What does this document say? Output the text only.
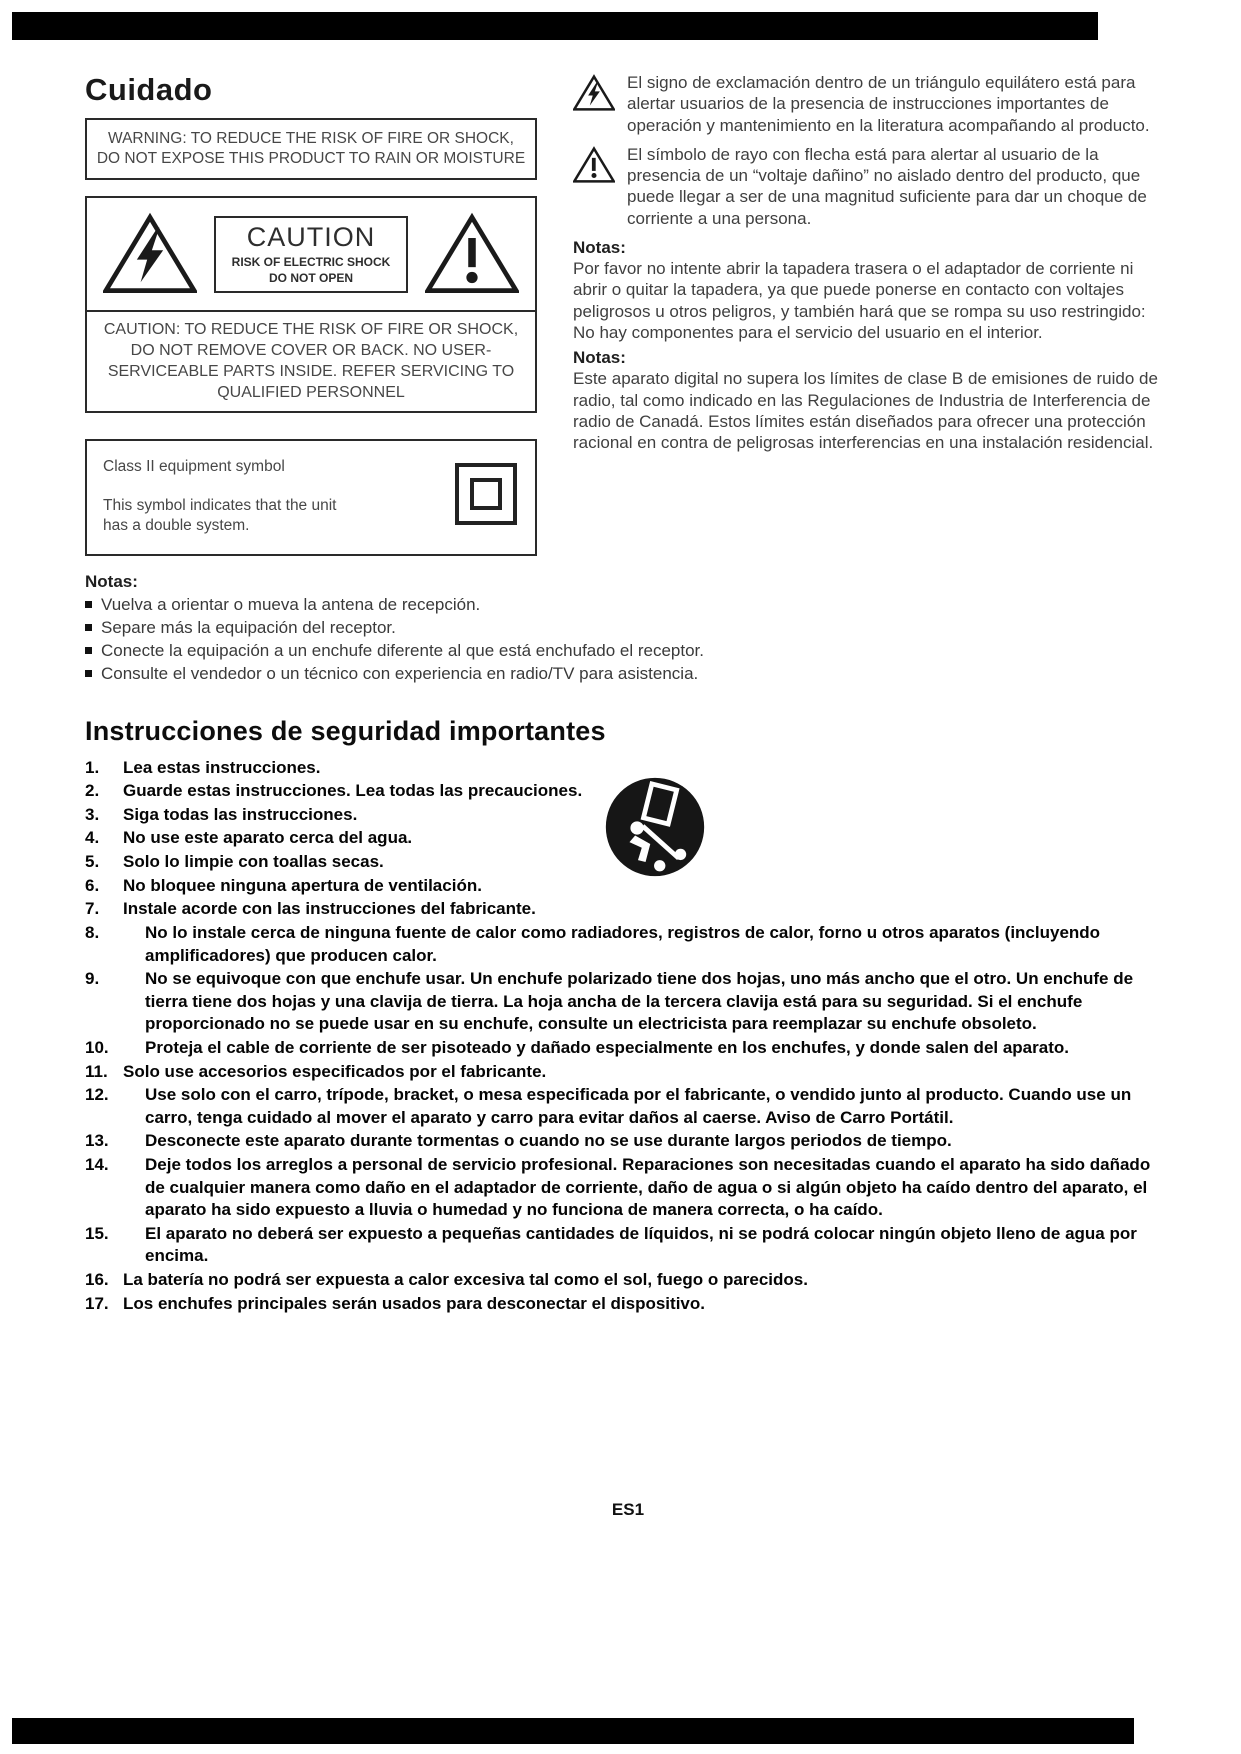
Cuidado

WARNING: TO REDUCE THE RISK OF FIRE OR SHOCK, DO NOT EXPOSE THIS PRODUCT TO RAIN OR MOISTURE

CAUTION
RISK OF ELECTRIC SHOCK
DO NOT OPEN

CAUTION: TO REDUCE THE RISK OF FIRE OR SHOCK, DO NOT REMOVE COVER OR BACK. NO USER-SERVICEABLE PARTS INSIDE. REFER SERVICING TO QUALIFIED PERSONNEL

Class II equipment symbol

This symbol indicates that the unit has a double system.

El signo de exclamación dentro de un triángulo equilátero está para alertar usuarios de la presencia de instrucciones importantes de operación y mantenimiento en la literatura acompañando al producto.

El símbolo de rayo con flecha está para alertar al usuario de la presencia de un “voltaje dañino” no aislado dentro del producto, que puede llegar a ser de una magnitud suficiente para dar un choque de corriente a una persona.

Notas:

Por favor no intente abrir la tapadera trasera o el adaptador de corriente ni abrir o quitar la tapadera, ya que puede ponerse en contacto con voltajes peligrosos u otros peligros, y también hará que se rompa su uso restringido: No hay componentes para el servicio del usuario en el interior.

Notas:

Este aparato digital no supera los límites de clase B de emisiones de ruido de radio, tal como indicado en las Regulaciones de Industria de Interferencia de radio de Canadá. Estos límites están diseñados para ofrecer una protección racional en contra de peligrosas interferencias en una instalación residencial.

Notas:

Vuelva a orientar o mueva la antena de recepción.
Separe más la equipación del receptor.
Conecte la equipación a un enchufe diferente al que está enchufado el receptor.
Consulte el vendedor o un técnico con experiencia en radio/TV para asistencia.
Instrucciones de seguridad importantes
1.	Lea estas instrucciones.
2.	Guarde estas instrucciones. Lea todas las precauciones.
3.	Siga todas las instrucciones.
4.	No use este aparato cerca del agua.
5.	Solo lo limpie con toallas secas.
6.	No bloquee ninguna apertura de ventilación.
7.	Instale acorde con las instrucciones del fabricante.
8.	No lo instale cerca de ninguna fuente de calor como radiadores, registros de calor, forno u otros aparatos (incluyendo amplificadores) que producen calor.
9.	No se equivoque con que enchufe usar. Un enchufe polarizado tiene dos hojas, uno más ancho que el otro. Un enchufe de tierra tiene dos hojas y una clavija de tierra. La hoja ancha de la tercera clavija está para su seguridad. Si el enchufe proporcionado no se puede usar en su enchufe, consulte un electricista para reemplazar su enchufe obsoleto.
10.	Proteja el cable de corriente de ser pisoteado y dañado especialmente en los enchufes, y donde salen del aparato.
11. Solo use accesorios especificados por el fabricante.
12.	Use solo con el carro, trípode, bracket, o mesa especificada por el fabricante, o vendido junto al producto. Cuando use un carro, tenga cuidado al mover el aparato y carro para evitar daños al caerse. Aviso de Carro Portátil.
13.	Desconecte este aparato durante tormentas o cuando no se use durante largos periodos de tiempo.
14.	Deje todos los arreglos a personal de servicio profesional. Reparaciones son necesitadas cuando el aparato ha sido dañado de cualquier manera como daño en el adaptador de corriente, daño de agua o si algún objeto ha caído dentro del aparato, el aparato ha sido expuesto a lluvia o humedad y no funciona de manera correcta, o ha caído.
15.	El aparato no deberá ser expuesto a pequeñas cantidades de líquidos, ni se podrá colocar ningún objeto lleno de agua por encima.
16. La batería no podrá ser expuesta a calor excesiva tal como el sol, fuego o parecidos.
17. Los enchufes principales serán usados para desconectar el dispositivo.
ES1
